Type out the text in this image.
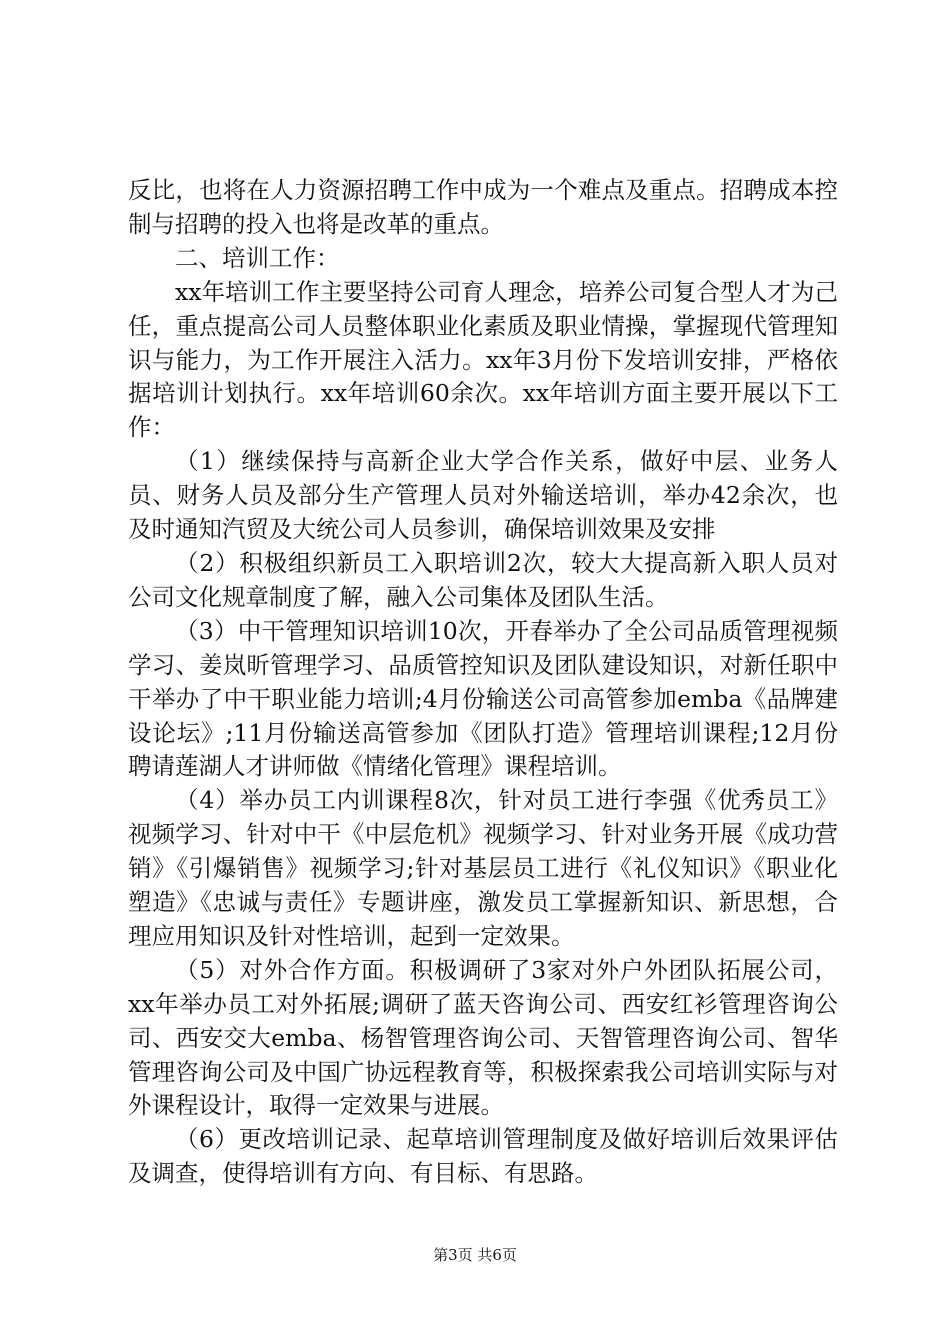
反比，也将在人力资源招聘工作中成为一个难点及重点。招聘成本控制与招聘的投入也将是改革的重点。

二、培训工作：

xx年培训工作主要坚持公司育人理念，培养公司复合型人才为己任，重点提高公司人员整体职业化素质及职业情操，掌握现代管理知识与能力，为工作开展注入活力。xx年3月份下发培训安排，严格依据培训计划执行。xx年培训60余次。xx年培训方面主要开展以下工作：

（1）继续保持与高新企业大学合作关系，做好中层、业务人员、财务人员及部分生产管理人员对外输送培训，举办42余次，也及时通知汽贸及大统公司人员参训，确保培训效果及安排

（2）积极组织新员工入职培训2次，较大大提高新入职人员对公司文化规章制度了解，融入公司集体及团队生活。

（3）中干管理知识培训10次，开春举办了全公司品质管理视频学习、姜岚昕管理学习、品质管控知识及团队建设知识，对新任职中干举办了中干职业能力培训;4月份输送公司高管参加emba《品牌建设论坛》;11月份输送高管参加《团队打造》管理培训课程;12月份聘请莲湖人才讲师做《情绪化管理》课程培训。

（4）举办员工内训课程8次，针对员工进行李强《优秀员工》视频学习、针对中干《中层危机》视频学习、针对业务开展《成功营销》《引爆销售》视频学习;针对基层员工进行《礼仪知识》《职业化塑造》《忠诚与责任》专题讲座，激发员工掌握新知识、新思想，合理应用知识及针对性培训，起到一定效果。

（5）对外合作方面。积极调研了3家对外户外团队拓展公司，xx年举办员工对外拓展;调研了蓝天咨询公司、西安红衫管理咨询公司、西安交大emba、杨智管理咨询公司、天智管理咨询公司、智华管理咨询公司及中国广协远程教育等，积极探索我公司培训实际与对外课程设计，取得一定效果与进展。

（6）更改培训记录、起草培训管理制度及做好培训后效果评估及调查，使得培训有方向、有目标、有思路。

第3页 共6页
